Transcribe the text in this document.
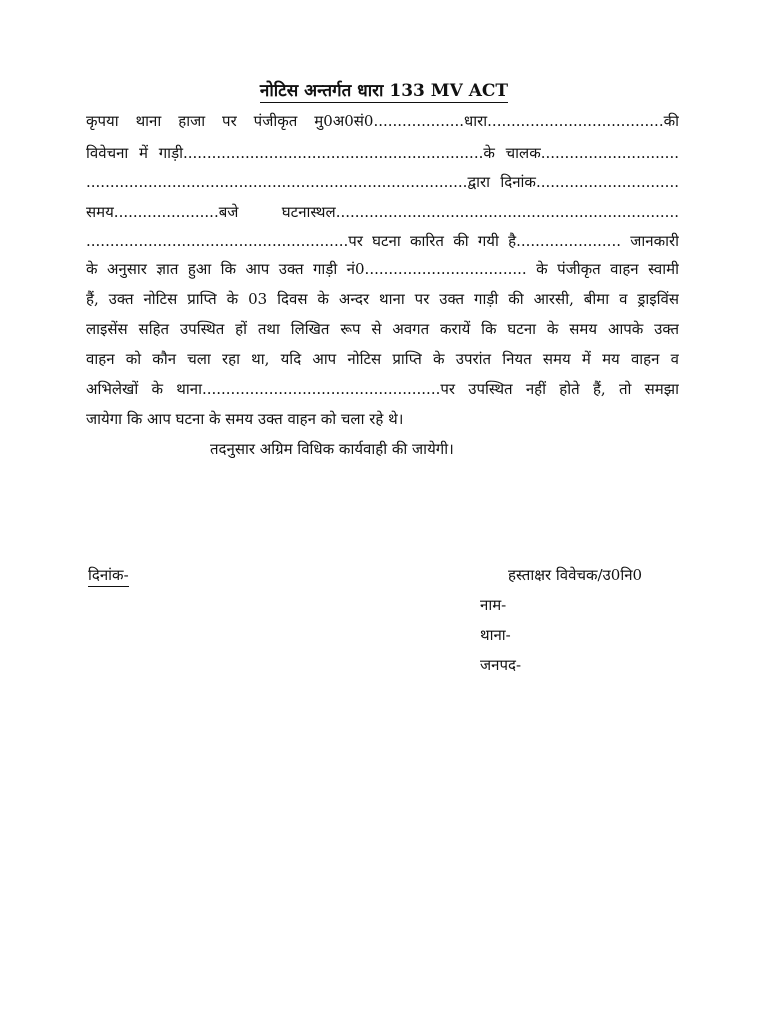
नोटिस अन्तर्गत धारा 133 MV ACT
कृपया थाना हाजा पर पंजीकृत मु0अ0सं0...................धारा.....................................की
विवेचना में गाड़ी...............................................................के चालक.............................
................................................................................द्वारा दिनांक..............................
समय......................बजे घटनास्थल........................................................................
.......................................................पर घटना कारित की गयी है...................... जानकारी
के अनुसार ज्ञात हुआ कि आप उक्त गाड़ी नं0.................................. के पंजीकृत वाहन स्वामी
हैं, उक्त नोटिस प्राप्ति के 03 दिवस के अन्दर थाना पर उक्त गाड़ी की आरसी, बीमा व ड्राइविंस
लाइसेंस सहित उपस्थित हों तथा लिखित रूप से अवगत करायें कि घटना के समय आपके उक्त
वाहन को कौन चला रहा था, यदि आप नोटिस प्राप्ति के उपरांत नियत समय में मय वाहन व
अभिलेखों के थाना..................................................पर उपस्थित नहीं होते हैं, तो समझा
जायेगा कि आप घटना के समय उक्त वाहन को चला रहे थे।
तदनुसार अग्रिम विधिक कार्यवाही की जायेगी।
दिनांक-	हस्ताक्षर विवेचक/उ0नि0
नाम-
थाना-
जनपद-
